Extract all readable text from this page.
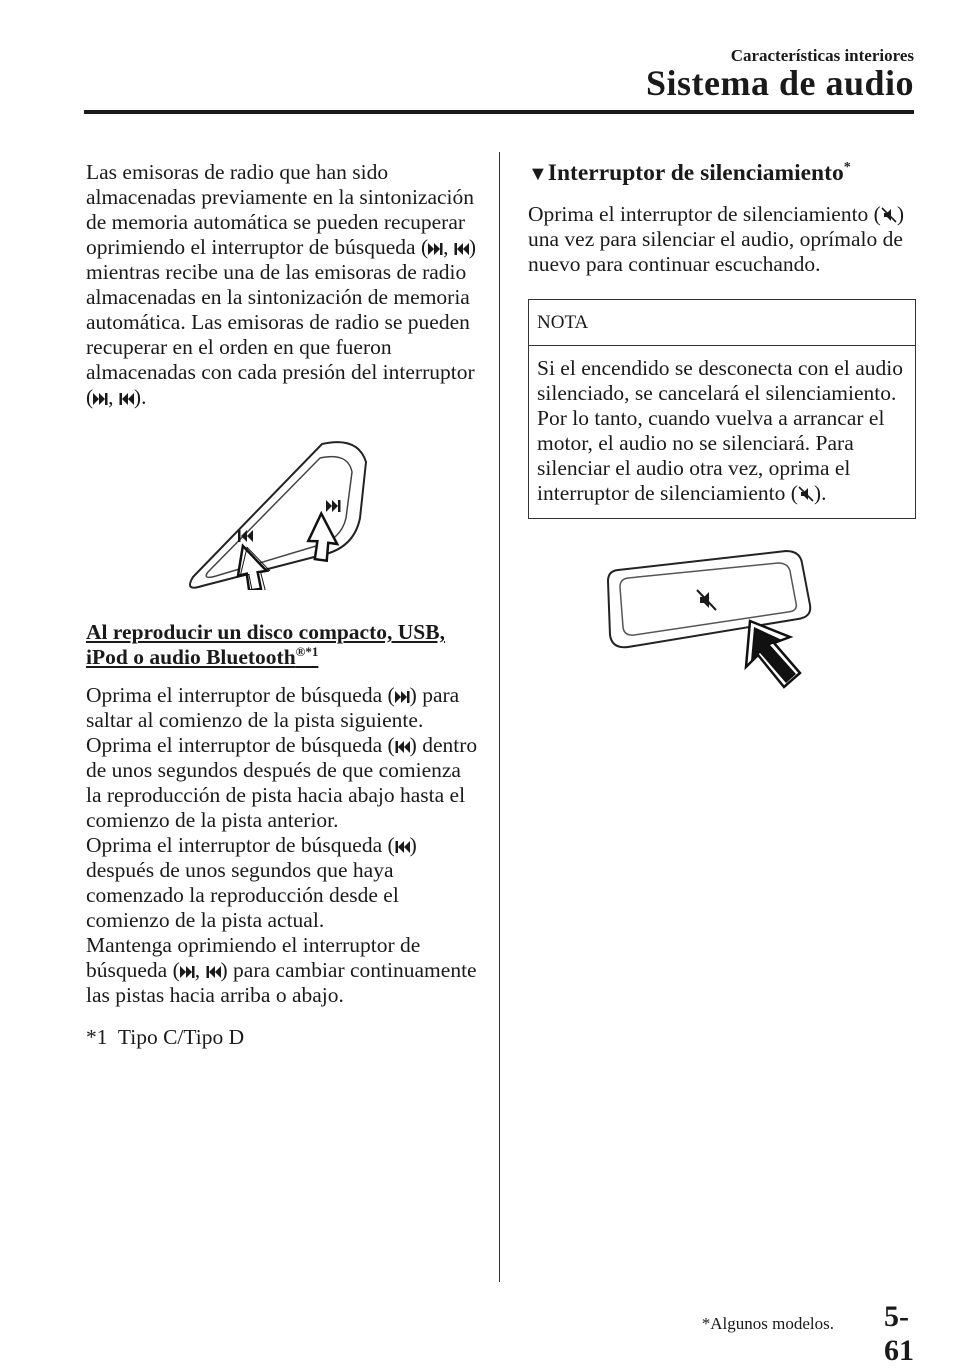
Características interiores
Sistema de audio

Las emisoras de radio que han sido almacenadas previamente en la sintonización de memoria automática se pueden recuperar oprimiendo el interruptor de búsqueda ( , ) mientras recibe una de las emisoras de radio almacenadas en la sintonización de memoria automática. Las emisoras de radio se pueden recuperar en el orden en que fueron almacenadas con cada presión del interruptor ( , ).

Al reproducir un disco compacto, USB, iPod o audio Bluetooth$^{®*1}$

Oprima el interruptor de búsqueda ( ) para saltar al comienzo de la pista siguiente.

Oprima el interruptor de búsqueda ( ) dentro de unos segundos después de que comienza la reproducción de pista hacia abajo hasta el comienzo de la pista anterior.

Oprima el interruptor de búsqueda ( ) después de unos segundos que haya comenzado la reproducción desde el comienzo de la pista actual.

Mantenga oprimiendo el interruptor de búsqueda ( , ) para cambiar continuamente las pistas hacia arriba o abajo.

*1  Tipo C/Tipo D

▼Interruptor de silenciamiento*

Oprima el interruptor de silenciamiento ( ) una vez para silenciar el audio, oprímalo de nuevo para continuar escuchando.

NOTA
Si el encendido se desconecta con el audio silenciado, se cancelará el silenciamiento. Por lo tanto, cuando vuelva a arrancar el motor, el audio no se silenciará. Para silenciar el audio otra vez, oprima el interruptor de silenciamiento ( ).
*Algunos modelos. 5-61
